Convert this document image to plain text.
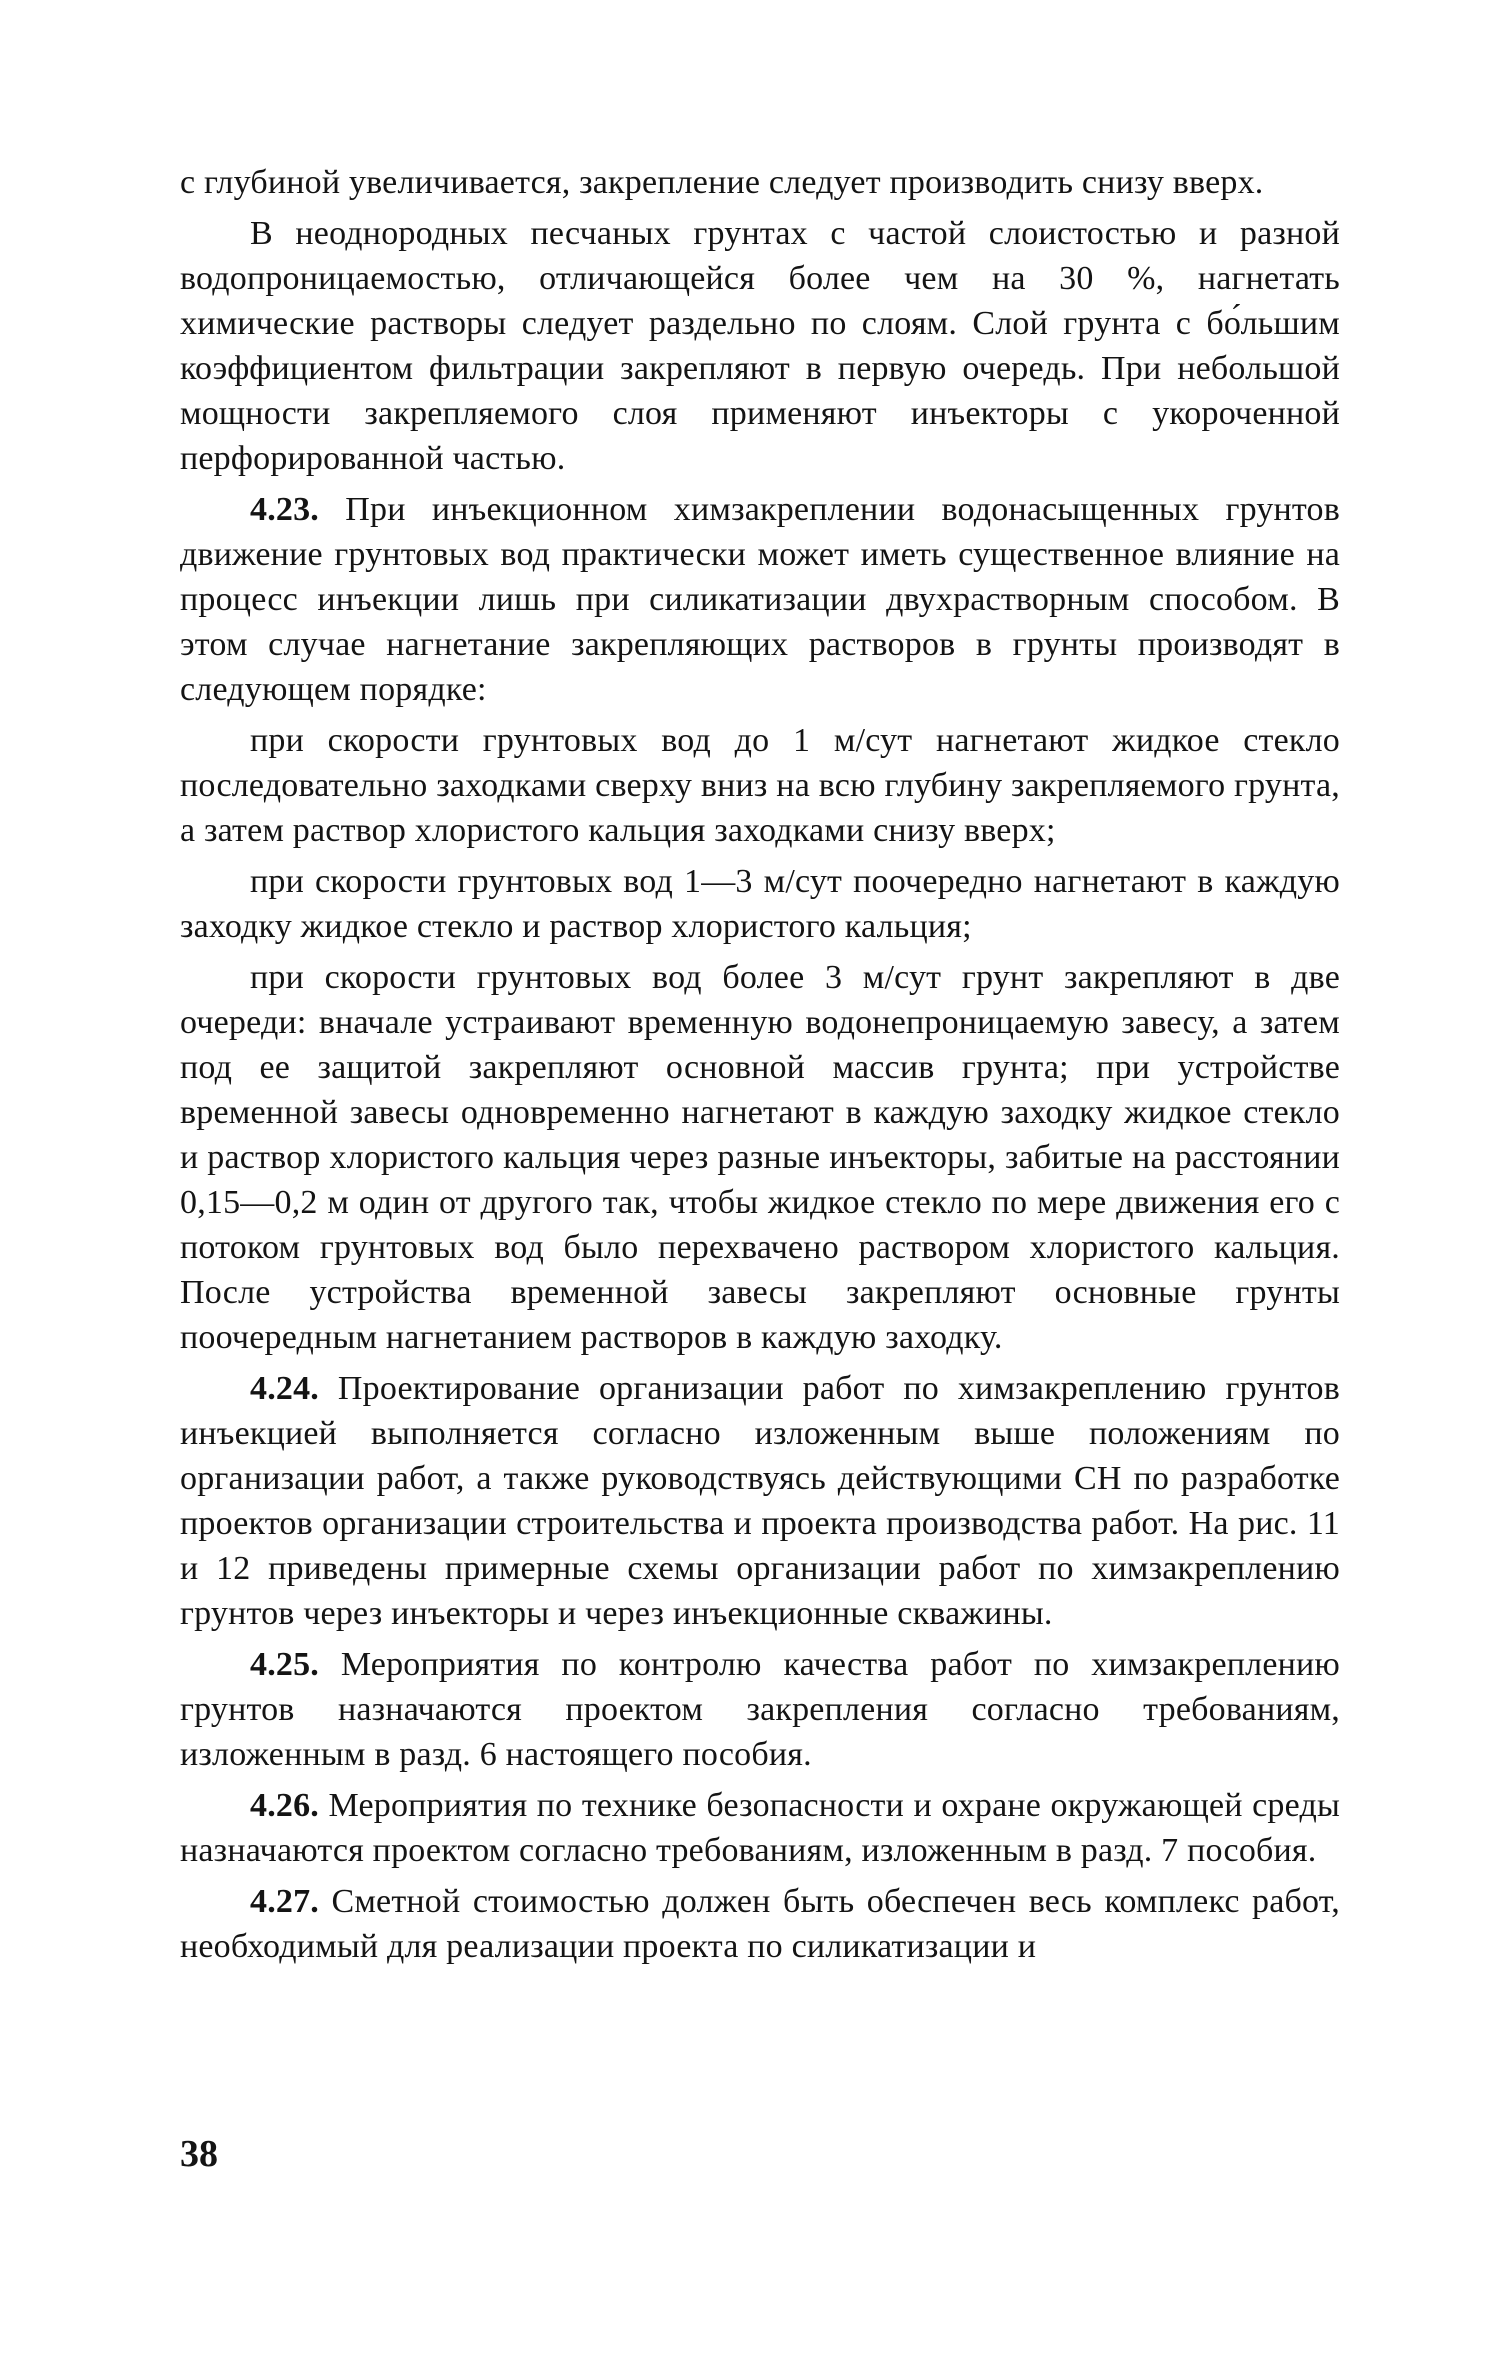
с глубиной увеличивается, закрепление следует производить снизу вверх.

В неоднородных песчаных грунтах с частой слоистостью и разной водопроницаемостью, отличающейся более чем на 30 %, нагнетать химические растворы следует раздельно по слоям. Слой грунта с бо́льшим коэффициентом фильтрации закрепляют в первую очередь. При небольшой мощности закрепляемого слоя применяют инъекторы с укороченной перфорированной частью.

4.23. При инъекционном химзакреплении водонасыщенных грунтов движение грунтовых вод практически может иметь существенное влияние на процесс инъекции лишь при силикатизации двухрастворным способом. В этом случае нагнетание закрепляющих растворов в грунты производят в следующем порядке:

при скорости грунтовых вод до 1 м/сут нагнетают жидкое стекло последовательно заходками сверху вниз на всю глубину закрепляемого грунта, а затем раствор хлористого кальция заходками снизу вверх;

при скорости грунтовых вод 1—3 м/сут поочередно нагнетают в каждую заходку жидкое стекло и раствор хлористого кальция;

при скорости грунтовых вод более 3 м/сут грунт закрепляют в две очереди: вначале устраивают временную водонепроницаемую завесу, а затем под ее защитой закрепляют основной массив грунта; при устройстве временной завесы одновременно нагнетают в каждую заходку жидкое стекло и раствор хлористого кальция через разные инъекторы, забитые на расстоянии 0,15—0,2 м один от другого так, чтобы жидкое стекло по мере движения его с потоком грунтовых вод было перехвачено раствором хлористого кальция. После устройства временной завесы закрепляют основные грунты поочередным нагнетанием растворов в каждую заходку.

4.24. Проектирование организации работ по химзакреплению грунтов инъекцией выполняется согласно изложенным выше положениям по организации работ, а также руководствуясь действующими СН по разработке проектов организации строительства и проекта производства работ. На рис. 11 и 12 приведены примерные схемы организации работ по химзакреплению грунтов через инъекторы и через инъекционные скважины.

4.25. Мероприятия по контролю качества работ по химзакреплению грунтов назначаются проектом закрепления согласно требованиям, изложенным в разд. 6 настоящего пособия.

4.26. Мероприятия по технике безопасности и охране окружающей среды назначаются проектом согласно требованиям, изложенным в разд. 7 пособия.

4.27. Сметной стоимостью должен быть обеспечен весь комплекс работ, необходимый для реализации проекта по силикатизации и

38
